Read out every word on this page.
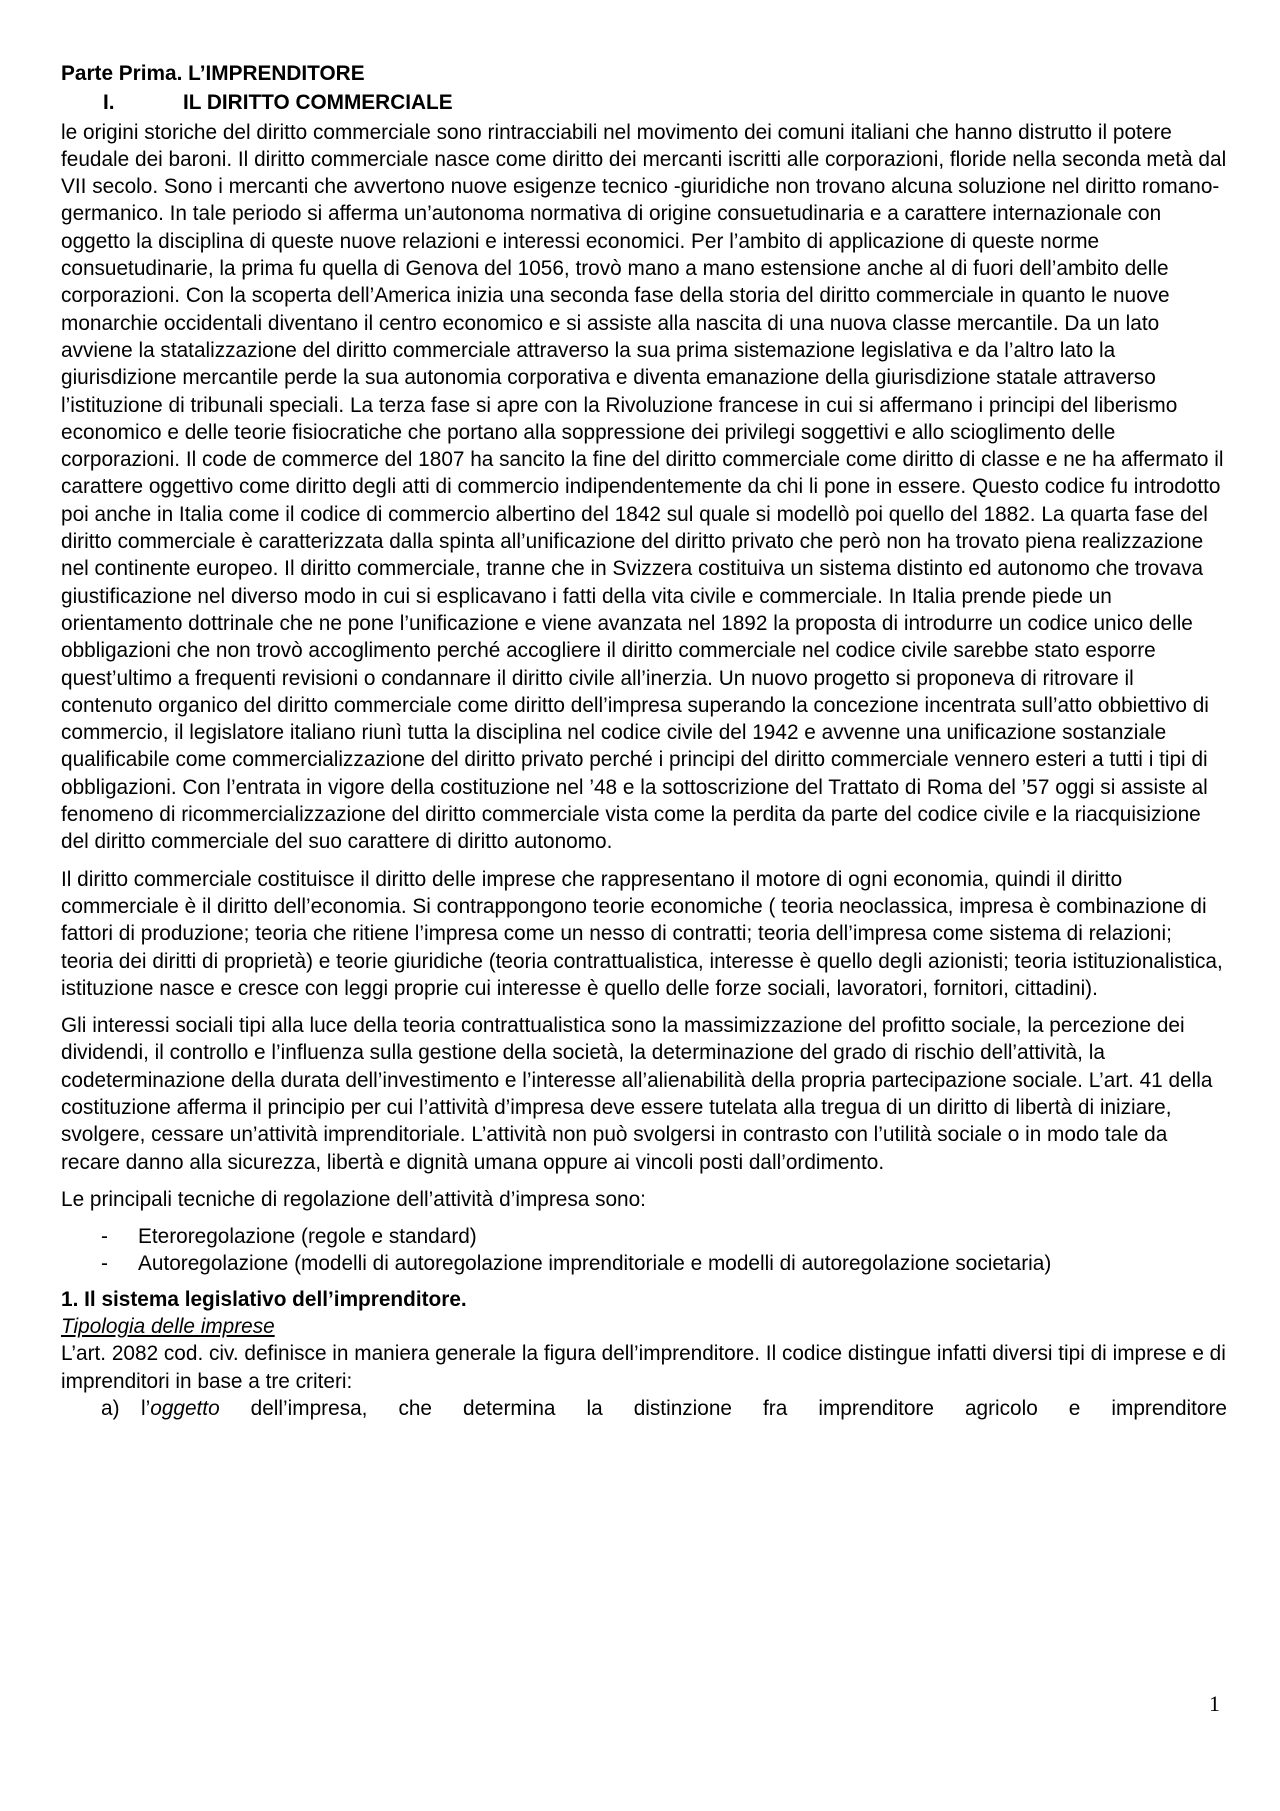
Parte Prima. L’IMPRENDITORE
I.	IL DIRITTO COMMERCIALE

le origini storiche del diritto commerciale sono rintracciabili nel movimento dei comuni italiani che hanno distrutto il potere feudale dei baroni. Il diritto commerciale nasce come diritto dei mercanti iscritti alle corporazioni, floride nella seconda metà dal VII secolo. Sono i mercanti che avvertono nuove esigenze tecnico -giuridiche non trovano alcuna soluzione nel diritto romano- germanico. In tale periodo si afferma un’autonoma normativa di origine consuetudinaria e a carattere internazionale con oggetto la disciplina di queste nuove relazioni e interessi economici. Per l’ambito di applicazione di queste norme consuetudinarie, la prima fu quella di Genova del 1056, trovò mano a mano estensione anche al di fuori dell’ambito delle corporazioni. Con la scoperta dell’America inizia una seconda fase della storia del diritto commerciale in quanto le nuove monarchie occidentali diventano il centro economico e si assiste alla nascita di una nuova classe mercantile. Da un lato avviene la statalizzazione del diritto commerciale attraverso la sua prima sistemazione legislativa e da l’altro lato la giurisdizione mercantile perde la sua autonomia corporativa e diventa emanazione della giurisdizione statale attraverso l’istituzione di tribunali speciali. La terza fase si apre con la Rivoluzione francese in cui si affermano i principi del liberismo economico e delle teorie fisiocratiche che portano alla soppressione dei privilegi soggettivi e allo scioglimento delle corporazioni. Il code de commerce del 1807 ha sancito la fine del diritto commerciale come diritto di classe e ne ha affermato il carattere oggettivo come diritto degli atti di commercio indipendentemente da chi li pone in essere. Questo codice fu introdotto poi anche in Italia come il codice di commercio albertino del 1842 sul quale si modellò poi quello del 1882. La quarta fase del diritto commerciale è caratterizzata dalla spinta all’unificazione del diritto privato che però non ha trovato piena realizzazione nel continente europeo. Il diritto commerciale, tranne che in Svizzera costituiva un sistema distinto ed autonomo che trovava giustificazione nel diverso modo in cui si esplicavano i fatti della vita civile e commerciale. In Italia prende piede un orientamento dottrinale che ne pone l’unificazione e viene avanzata nel 1892 la proposta di introdurre un codice unico delle obbligazioni che non trovò accoglimento perché accogliere il diritto commerciale nel codice civile sarebbe stato esporre quest’ultimo a frequenti revisioni o condannare il diritto civile all’inerzia. Un nuovo progetto si proponeva di ritrovare il contenuto organico del diritto commerciale come diritto dell’impresa superando la concezione incentrata sull’atto obbiettivo di commercio, il legislatore italiano riunì tutta la disciplina nel codice civile del 1942 e avvenne una unificazione sostanziale qualificabile come commercializzazione del diritto privato perché i principi del diritto commerciale vennero esteri a tutti i tipi di obbligazioni. Con l’entrata in vigore della costituzione nel ’48 e la sottoscrizione del Trattato di Roma del ’57 oggi si assiste al fenomeno di ricommercializzazione del diritto commerciale vista come la perdita da parte del codice civile e la riacquisizione del diritto commerciale del suo carattere di diritto autonomo.

Il diritto commerciale costituisce il diritto delle imprese che rappresentano il motore di ogni economia, quindi il diritto commerciale è il diritto dell’economia. Si contrappongono teorie economiche ( teoria neoclassica, impresa è combinazione di fattori di produzione; teoria che ritiene l’impresa come un nesso di contratti; teoria dell’impresa come sistema di relazioni; teoria dei diritti di proprietà) e teorie giuridiche (teoria contrattualistica, interesse è quello degli azionisti; teoria istituzionalistica, istituzione nasce e cresce con leggi proprie cui interesse è quello delle forze sociali, lavoratori, fornitori, cittadini).

Gli interessi sociali tipi alla luce della teoria contrattualistica sono la massimizzazione del profitto sociale, la percezione dei dividendi, il controllo e l’influenza sulla gestione della società, la determinazione del grado di rischio dell’attività, la codeterminazione della durata dell’investimento e l’interesse all’alienabilità della propria partecipazione sociale. L’art. 41 della costituzione afferma il principio per cui l’attività d’impresa deve essere tutelata alla tregua di un diritto di libertà di iniziare, svolgere, cessare un’attività imprenditoriale. L’attività non può svolgersi in contrasto con l’utilità sociale o in modo tale da recare danno alla sicurezza, libertà e dignità umana oppure ai vincoli posti dall’ordimento.

Le principali tecniche di regolazione dell’attività d’impresa sono:

-	Eteroregolazione (regole e standard)
-	Autoregolazione (modelli di autoregolazione imprenditoriale e modelli di autoregolazione societaria)
1. Il sistema legislativo dell’imprenditore.
Tipologia delle imprese

L’art. 2082 cod. civ. definisce in maniera generale la figura dell’imprenditore. Il codice distingue infatti diversi tipi di imprese e di imprenditori in base a tre criteri:

a)	l’oggetto dell’impresa, che determina la distinzione fra imprenditore agricolo e imprenditore
1
